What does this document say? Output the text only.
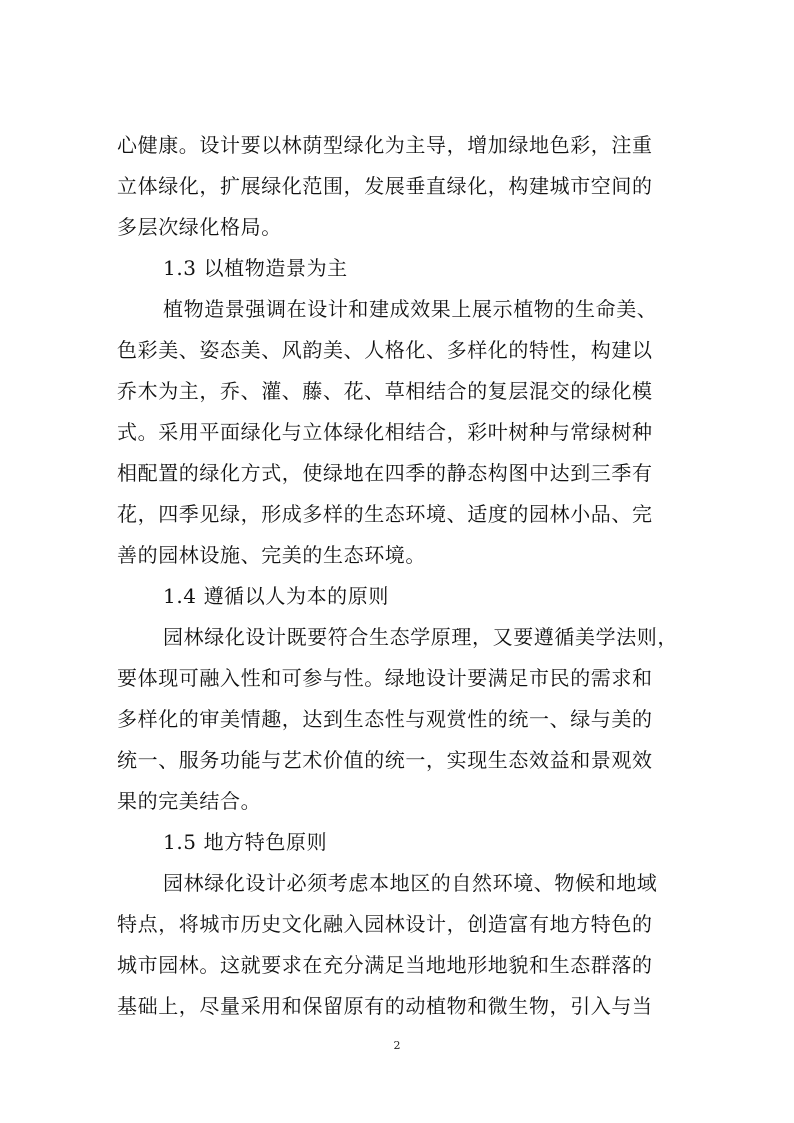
心健康。设计要以林荫型绿化为主导，增加绿地色彩，注重
立体绿化，扩展绿化范围，发展垂直绿化，构建城市空间的
多层次绿化格局。
1.3 以植物造景为主
植物造景强调在设计和建成效果上展示植物的生命美、
色彩美、姿态美、风韵美、人格化、多样化的特性，构建以
乔木为主，乔、灌、藤、花、草相结合的复层混交的绿化模
式。采用平面绿化与立体绿化相结合，彩叶树种与常绿树种
相配置的绿化方式，使绿地在四季的静态构图中达到三季有
花，四季见绿，形成多样的生态环境、适度的园林小品、完
善的园林设施、完美的生态环境。
1.4 遵循以人为本的原则
园林绿化设计既要符合生态学原理，又要遵循美学法则，
要体现可融入性和可参与性。绿地设计要满足市民的需求和
多样化的审美情趣，达到生态性与观赏性的统一、绿与美的
统一、服务功能与艺术价值的统一，实现生态效益和景观效
果的完美结合。
1.5 地方特色原则
园林绿化设计必须考虑本地区的自然环境、物候和地域
特点，将城市历史文化融入园林设计，创造富有地方特色的
城市园林。这就要求在充分满足当地地形地貌和生态群落的
基础上，尽量采用和保留原有的动植物和微生物，引入与当
2
